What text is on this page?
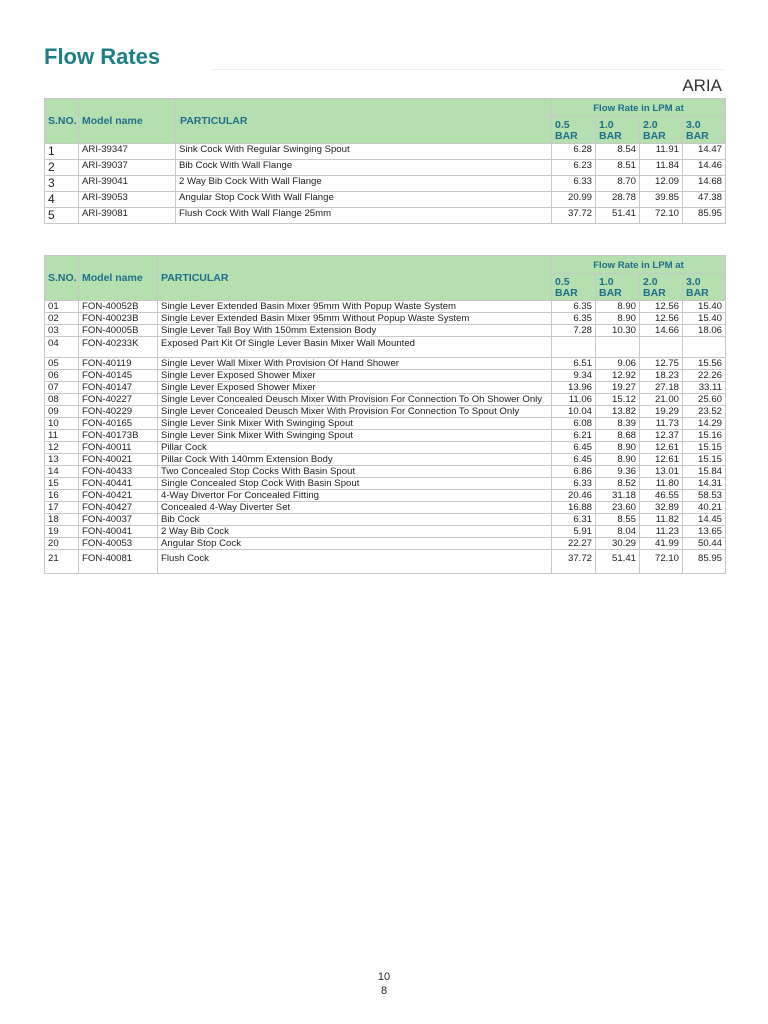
Flow Rates
ARIA
S.NO.	Model name	PARTICULAR	Flow Rate in LPM at			
			0.5 BAR	1.0 BAR	2.0 BAR	3.0 BAR
1	ARI-39347	Sink Cock With Regular Swinging Spout	6.28	8.54	11.91	14.47
2	ARI-39037	Bib Cock With Wall Flange	6.23	8.51	11.84	14.46
3	ARI-39041	2 Way Bib Cock With Wall Flange	6.33	8.70	12.09	14.68
4	ARI-39053	Angular Stop Cock With Wall Flange	20.99	28.78	39.85	47.38
5	ARI-39081	Flush Cock With Wall Flange 25mm	37.72	51.41	72.10	85.95
S.NO.	Model name	PARTICULAR	Flow Rate in LPM at			
			0.5 BAR	1.0 BAR	2.0 BAR	3.0 BAR
01	FON-40052B	Single Lever Extended Basin Mixer 95mm With Popup Waste System	6.35	8.90	12.56	15.40
02	FON-40023B	Single Lever Extended Basin Mixer 95mm Without Popup Waste System	6.35	8.90	12.56	15.40
03	FON-40005B	Single Lever Tall Boy With 150mm Extension Body	7.28	10.30	14.66	18.06
04	FON-40233K	Exposed Part Kit Of Single Lever Basin Mixer Wall Mounted				
05	FON-40119	Single Lever Wall Mixer With Provision Of Hand Shower	6.51	9.06	12.75	15.56
06	FON-40145	Single Lever Exposed Shower Mixer	9.34	12.92	18.23	22.26
07	FON-40147	Single Lever Exposed Shower Mixer	13.96	19.27	27.18	33.11
08	FON-40227	Single Lever Concealed Deusch Mixer With Provision For Connection To Oh Shower Only	11.06	15.12	21.00	25.60
09	FON-40229	Single Lever Concealed Deusch Mixer With Provision For Connection To Spout Only	10.04	13.82	19.29	23.52
10	FON-40165	Single Lever Sink Mixer With Swinging Spout	6.08	8.39	11.73	14.29
11	FON-40173B	Single Lever Sink Mixer With Swinging Spout	6.21	8.68	12.37	15.16
12	FON-40011	Pillar Cock	6.45	8.90	12.61	15.15
13	FON-40021	Pillar Cock With 140mm Extension Body	6.45	8.90	12.61	15.15
14	FON-40433	Two Concealed Stop Cocks With Basin Spout	6.86	9.36	13.01	15.84
15	FON-40441	Single Concealed Stop Cock With Basin Spout	6.33	8.52	11.80	14.31
16	FON-40421	4-Way Divertor For Concealed Fitting	20.46	31.18	46.55	58.53
17	FON-40427	Concealed 4-Way Diverter Set	16.88	23.60	32.89	40.21
18	FON-40037	Bib Cock	6.31	8.55	11.82	14.45
19	FON-40041	2 Way Bib Cock	5.91	8.04	11.23	13.65
20	FON-40053	Angular Stop Cock	22.27	30.29	41.99	50.44
21	FON-40081	Flush Cock	37.72	51.41	72.10	85.95
10
8
